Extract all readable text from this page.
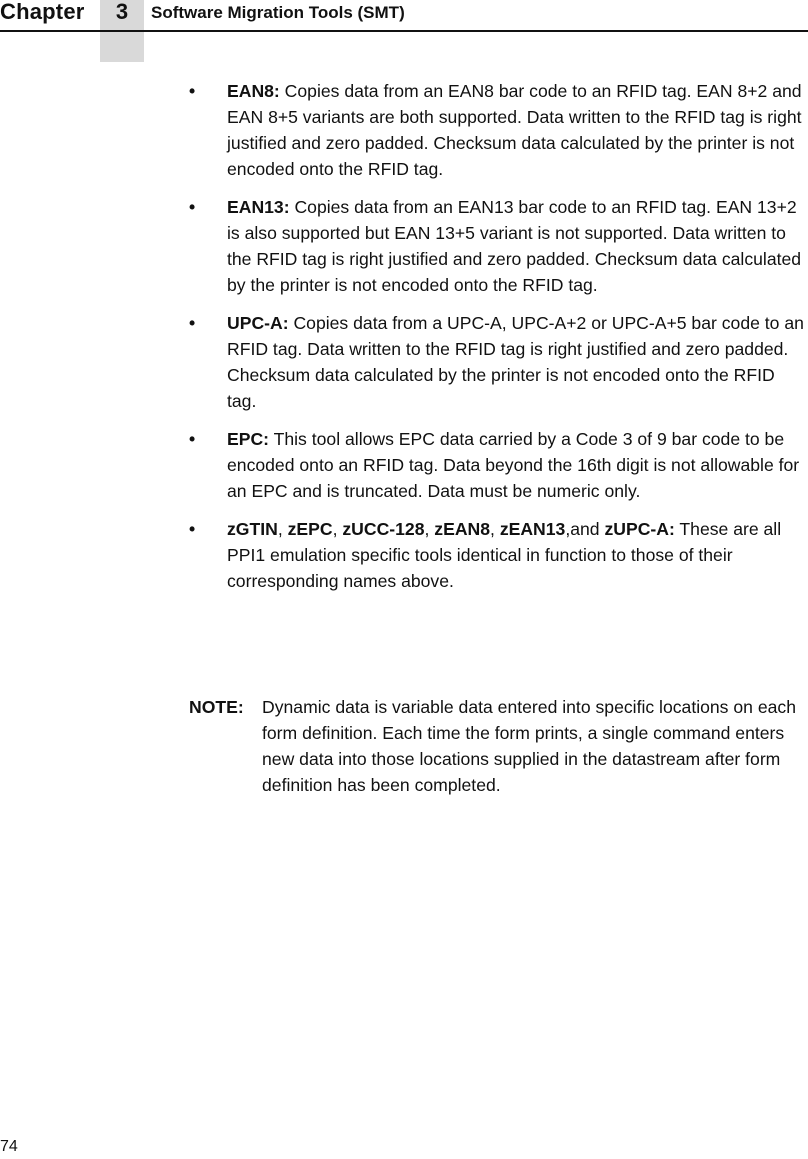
Chapter	3	Software Migration Tools (SMT)
• EAN8: Copies data from an EAN8 bar code to an RFID tag. EAN 8+2 and EAN 8+5 variants are both supported. Data written to the RFID tag is right justified and zero padded. Checksum data calculated by the printer is not encoded onto the RFID tag.
• EAN13: Copies data from an EAN13 bar code to an RFID tag. EAN 13+2 is also supported but EAN 13+5 variant is not supported. Data written to the RFID tag is right justified and zero padded. Checksum data calculated by the printer is not encoded onto the RFID tag.
• UPC-A: Copies data from a UPC-A, UPC-A+2 or UPC-A+5 bar code to an RFID tag. Data written to the RFID tag is right justified and zero padded. Checksum data calculated by the printer is not encoded onto the RFID tag.
• EPC: This tool allows EPC data carried by a Code 3 of 9 bar code to be encoded onto an RFID tag. Data beyond the 16th digit is not allowable for an EPC and is truncated. Data must be numeric only.
• zGTIN, zEPC, zUCC-128, zEAN8, zEAN13,and zUPC-A: These are all PPI1 emulation specific tools identical in function to those of their corresponding names above.
NOTE:	Dynamic data is variable data entered into specific locations on each form definition. Each time the form prints, a single command enters new data into those locations supplied in the datastream after form definition has been completed.
74
